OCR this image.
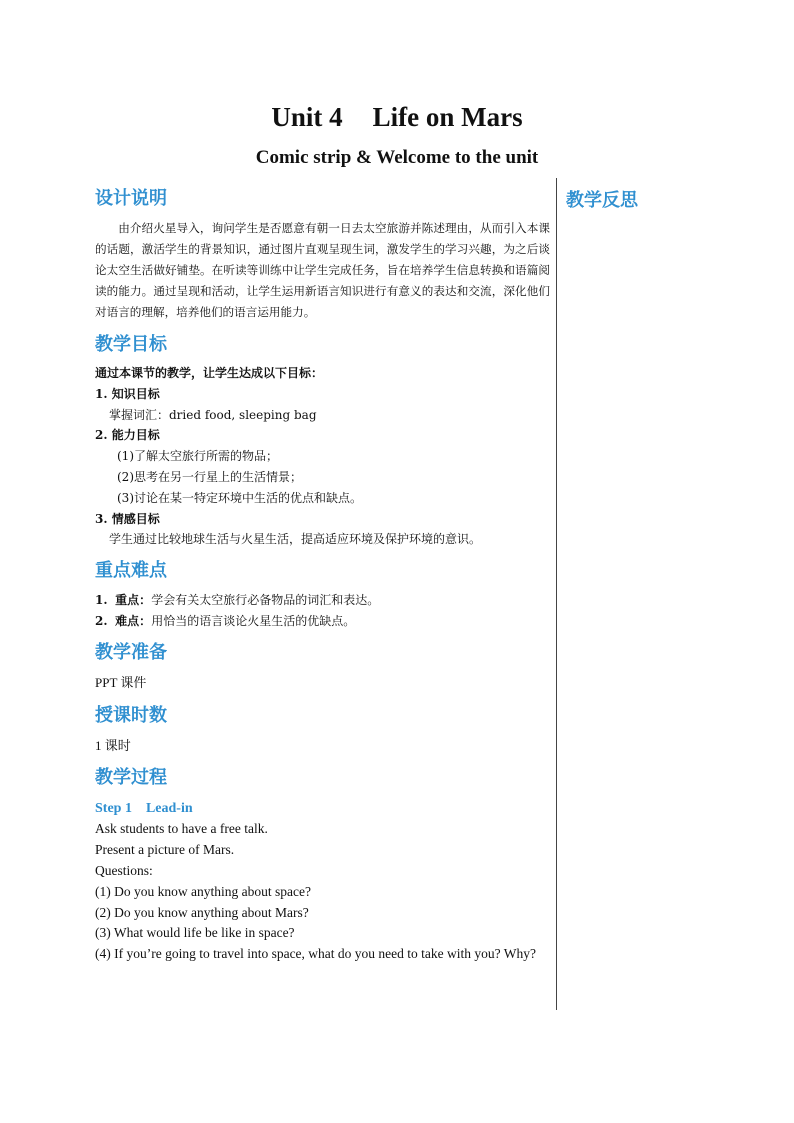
Unit 4 Life on Mars
Comic strip & Welcome to the unit
教学反思
设计说明

由介绍火星导入，询问学生是否愿意有朝一日去太空旅游并陈述理由，从而引入本课的话题，激活学生的背景知识，通过图片直观呈现生词，激发学生的学习兴趣，为之后谈论太空生活做好铺垫。在听读等训练中让学生完成任务，旨在培养学生信息转换和语篇阅读的能力。通过呈现和活动，让学生运用新语言知识进行有意义的表达和交流，深化他们对语言的理解，培养他们的语言运用能力。

教学目标

通过本课节的教学，让学生达成以下目标：

1. 知识目标

掌握词汇：dried food, sleeping bag

2. 能力目标

(1)了解太空旅行所需的物品；

(2)思考在另一行星上的生活情景；

(3)讨论在某一特定环境中生活的优点和缺点。

3. 情感目标

学生通过比较地球生活与火星生活，提高适应环境及保护环境的意识。

重点难点

1. 重点：学会有关太空旅行必备物品的词汇和表达。

2. 难点：用恰当的语言谈论火星生活的优缺点。

教学准备

PPT 课件

授课时数

1 课时

教学过程

Step 1 Lead-in

Ask students to have a free talk.

Present a picture of Mars.

Questions:

(1) Do you know anything about space?

(2) Do you know anything about Mars?

(3) What would life be like in space?

(4) If you’re going to travel into space, what do you need to take with you? Why?
